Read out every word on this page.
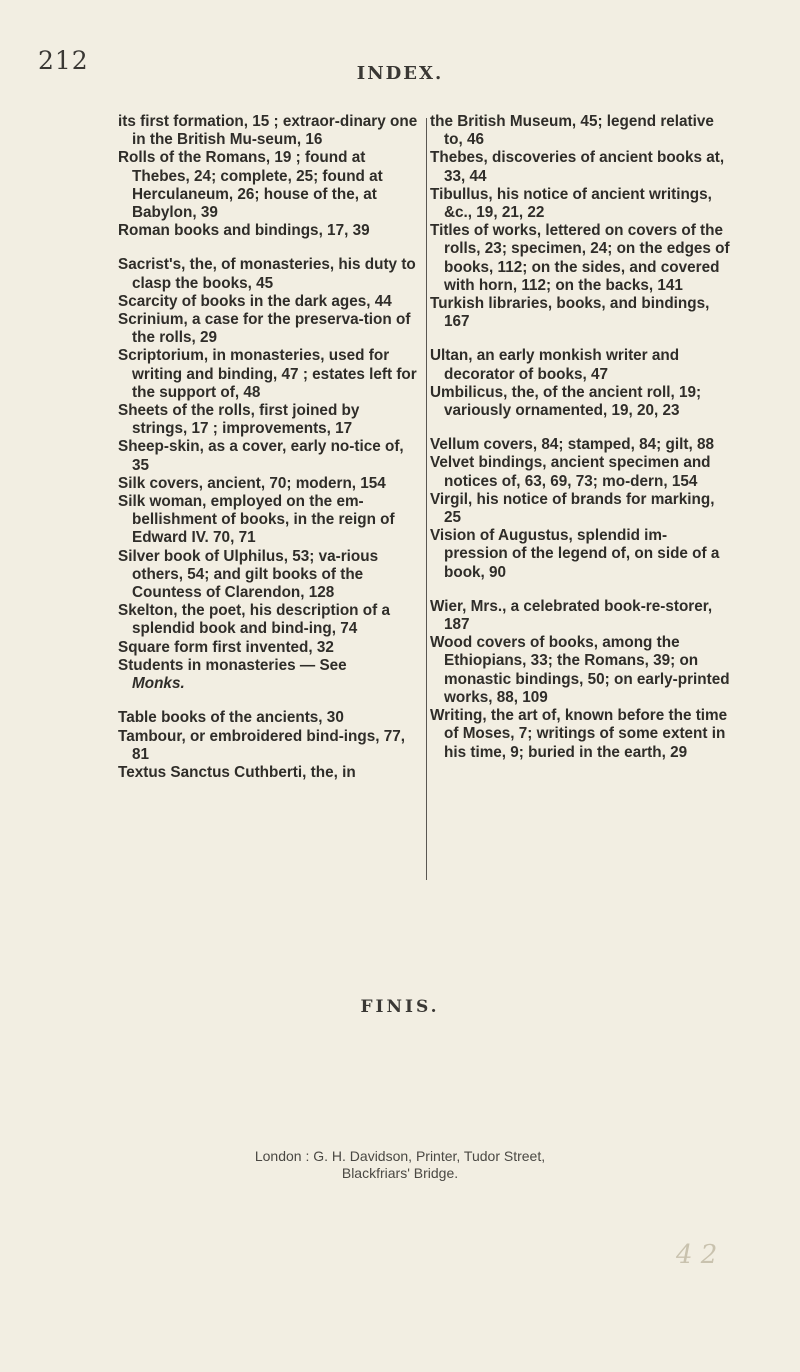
212	INDEX.

its first formation, 15 ; extraor-dinary one in the British Mu-seum, 16

Rolls of the Romans, 19 ; found at Thebes, 24; complete, 25; found at Herculaneum, 26; house of the, at Babylon, 39

Roman books and bindings, 17, 39

Sacrist's, the, of monasteries, his duty to clasp the books, 45

Scarcity of books in the dark ages, 44

Scrinium, a case for the preserva-tion of the rolls, 29

Scriptorium, in monasteries, used for writing and binding, 47 ; estates left for the support of, 48

Sheets of the rolls, first joined by strings, 17 ; improvements, 17

Sheep-skin, as a cover, early no-tice of, 35

Silk covers, ancient, 70; modern, 154

Silk woman, employed on the em-bellishment of books, in the reign of Edward IV. 70, 71

Silver book of Ulphilus, 53; va-rious others, 54; and gilt books of the Countess of Clarendon, 128

Skelton, the poet, his description of a splendid book and bind-ing, 74

Square form first invented, 32

Students in monasteries — See

Monks.

Table books of the ancients, 30

Tambour, or embroidered bind-ings, 77, 81

Textus Sanctus Cuthberti, the, in

the British Museum, 45; legend relative to, 46

Thebes, discoveries of ancient books at, 33, 44

Tibullus, his notice of ancient writings, &c., 19, 21, 22

Titles of works, lettered on covers of the rolls, 23; specimen, 24; on the edges of books, 112; on the sides, and covered with horn, 112; on the backs, 141

Turkish libraries, books, and bindings, 167

Ultan, an early monkish writer and decorator of books, 47

Umbilicus, the, of the ancient roll, 19; variously ornamented, 19, 20, 23

Vellum covers, 84; stamped, 84; gilt, 88

Velvet bindings, ancient specimen and notices of, 63, 69, 73; mo-dern, 154

Virgil, his notice of brands for marking, 25

Vision of Augustus, splendid im-pression of the legend of, on side of a book, 90

Wier, Mrs., a celebrated book-re-storer, 187

Wood covers of books, among the Ethiopians, 33; the Romans, 39; on monastic bindings, 50; on early-printed works, 88, 109

Writing, the art of, known before the time of Moses, 7; writings of some extent in his time, 9; buried in the earth, 29

FINIS.
London : G. H. Davidson, Printer, Tudor Street,
Blackfriars' Bridge.
4 2
